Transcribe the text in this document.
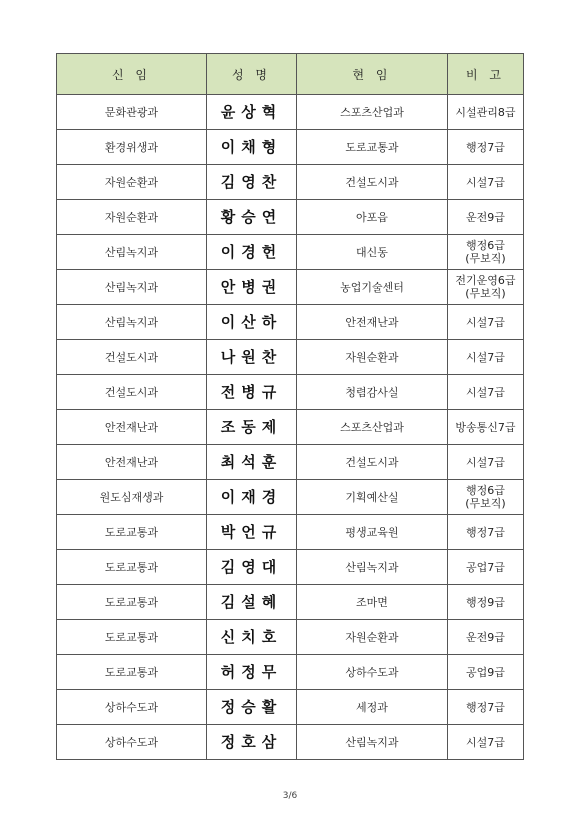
신 임	성 명	현 임	비 고
문화관광과	윤상혁	스포츠산업과	시설관리8급

환경위생과	이채형	도로교통과	행정7급

자원순환과	김영찬	건설도시과	시설7급

자원순환과	황승연	아포읍	운전9급

산림녹지과	이경헌	대신동	행정6급
(무보직)

산림녹지과	안병권	농업기술센터	전기운영6급
(무보직)

산림녹지과	이산하	안전재난과	시설7급

건설도시과	나원찬	자원순환과	시설7급

건설도시과	전병규	청렴감사실	시설7급

안전재난과	조동제	스포츠산업과	방송통신7급

안전재난과	최석훈	건설도시과	시설7급

원도심재생과	이재경	기획예산실	행정6급
(무보직)

도로교통과	박언규	평생교육원	행정7급

도로교통과	김영대	산림녹지과	공업7급

도로교통과	김설혜	조마면	행정9급

도로교통과	신치호	자원순환과	운전9급

도로교통과	허정무	상하수도과	공업9급

상하수도과	정승활	세정과	행정7급

상하수도과	정호삼	산림녹지과	시설7급
3/6
